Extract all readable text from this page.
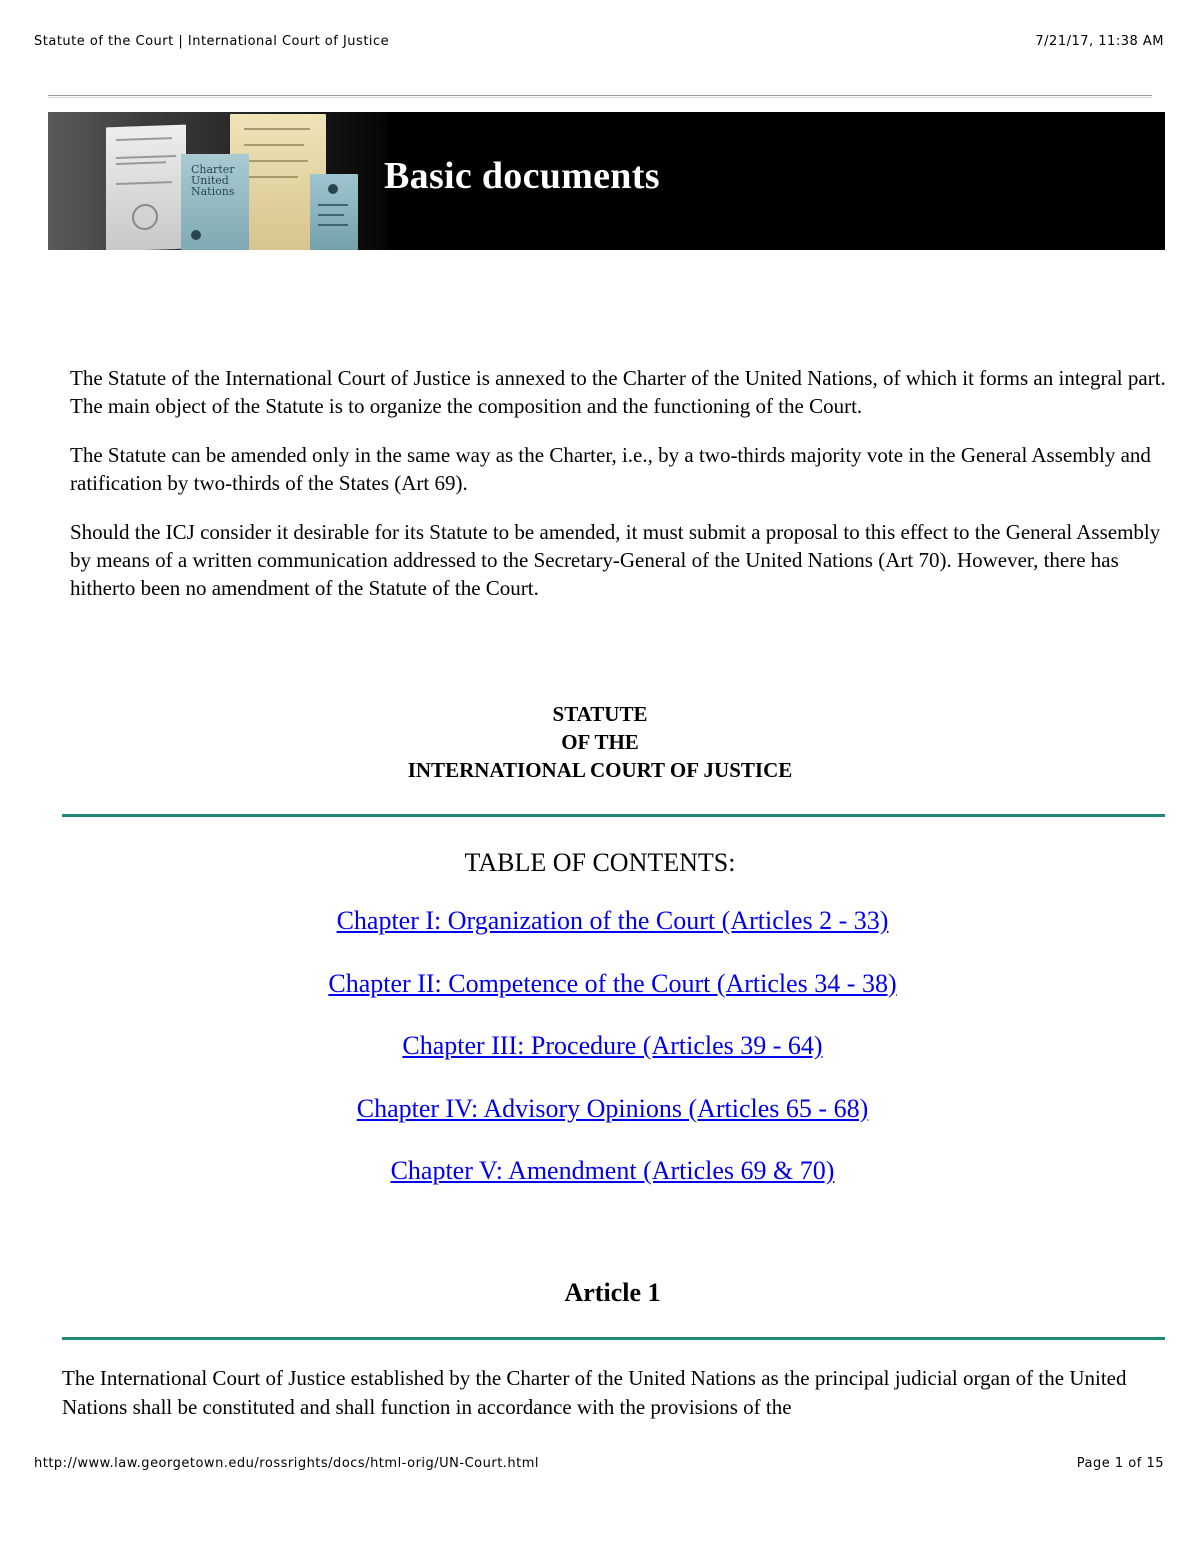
Statute of the Court | International Court of Justice	7/21/17, 11:38 AM
Charter
United
Nations	Basic documents

The Statute of the International Court of Justice is annexed to the Charter of the United Nations, of which it forms an integral part. The main object of the Statute is to organize the composition and the functioning of the Court.

The Statute can be amended only in the same way as the Charter, i.e., by a two-thirds majority vote in the General Assembly and ratification by two-thirds of the States (Art 69).

Should the ICJ consider it desirable for its Statute to be amended, it must submit a proposal to this effect to the General Assembly by means of a written communication addressed to the Secretary-General of the United Nations (Art 70). However, there has hitherto been no amendment of the Statute of the Court.

STATUTE
OF THE
INTERNATIONAL COURT OF JUSTICE
TABLE OF CONTENTS:
Chapter I: Organization of the Court (Articles 2 - 33)
Chapter II: Competence of the Court (Articles 34 - 38)
Chapter III: Procedure (Articles 39 - 64)
Chapter IV: Advisory Opinions (Articles 65 - 68)
Chapter V: Amendment (Articles 69 & 70)
Article 1
The International Court of Justice established by the Charter of the United Nations as the principal judicial organ of the United Nations shall be constituted and shall function in accordance with the provisions of the
http://www.law.georgetown.edu/rossrights/docs/html-orig/UN-Court.html	Page 1 of 15
